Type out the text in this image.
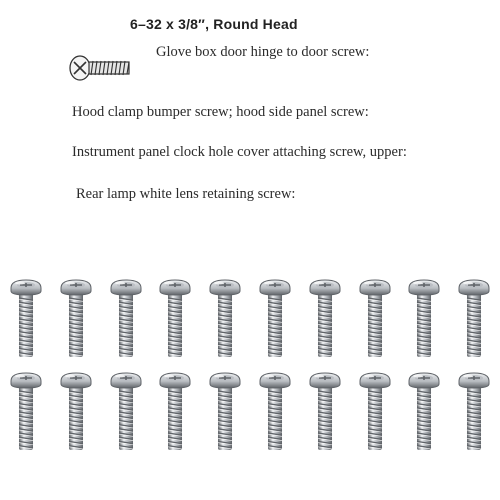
6–32 x 3/8″, Round Head
Glove box door hinge to door screw:
Hood clamp bumper screw; hood side panel screw:
Instrument panel clock hole cover attaching screw, upper:
Rear lamp white lens retaining screw:
